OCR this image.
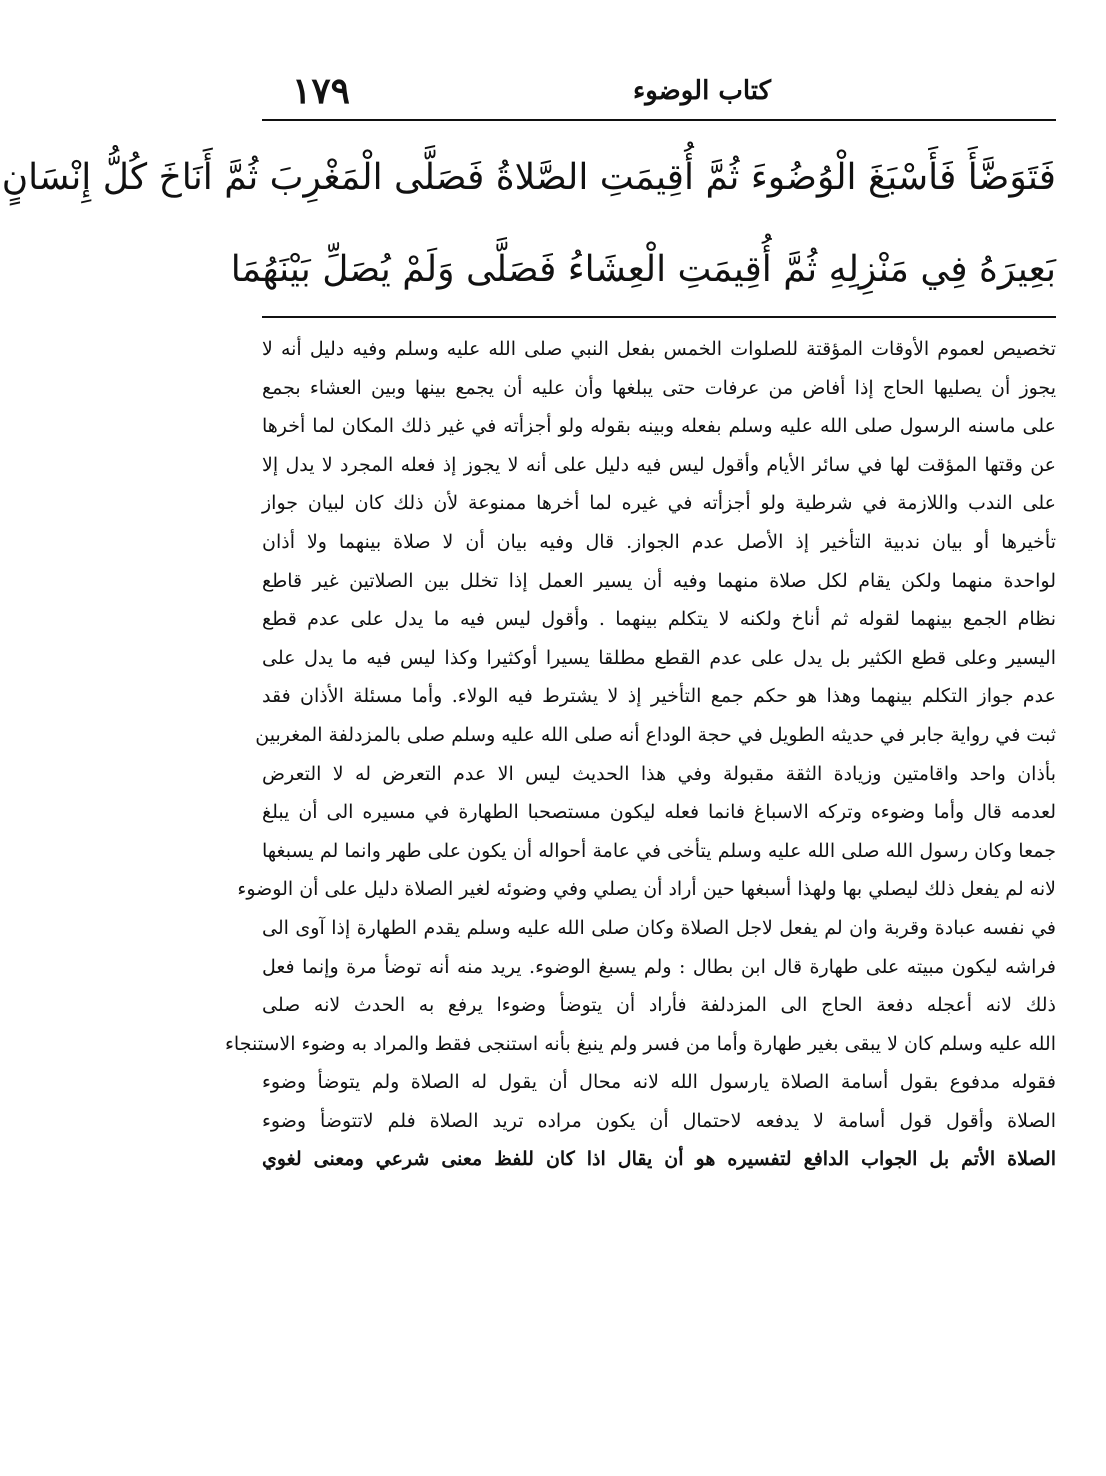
١٧٩	كتاب الوضوء
فَتَوَضَّأَ فَأَسْبَغَ الْوُضُوءَ ثُمَّ أُقِيمَتِ الصَّلاةُ فَصَلَّى الْمَغْرِبَ ثُمَّ أَنَاخَ كُلُّ إِنْسَانٍ
بَعِيرَهُ فِي مَنْزِلِهِ ثُمَّ أُقِيمَتِ الْعِشَاءُ فَصَلَّى وَلَمْ يُصَلِّ بَيْنَهُمَا
تخصيص لعموم الأوقات المؤقتة للصلوات الخمس بفعل النبي صلى الله عليه وسلم وفيه دليل أنه لا
يجوز أن يصليها الحاج إذا أفاض من عرفات حتى يبلغها وأن عليه أن يجمع بينها وبين العشاء بجمع
على ماسنه الرسول صلى الله عليه وسلم بفعله وبينه بقوله ولو أجزأته في غير ذلك المكان لما أخرها
عن وقتها المؤقت لها في سائر الأيام وأقول ليس فيه دليل على أنه لا يجوز إذ فعله المجرد لا يدل إلا
على الندب واللازمة في شرطية ولو أجزأته في غيره لما أخرها ممنوعة لأن ذلك كان لبيان جواز
تأخيرها أو بيان ندبية التأخير إذ الأصل عدم الجواز. قال وفيه بيان أن لا صلاة بينهما ولا أذان
لواحدة منهما ولكن يقام لكل صلاة منهما وفيه أن يسير العمل إذا تخلل بين الصلاتين غير قاطع
نظام الجمع بينهما لقوله ثم أناخ ولكنه لا يتكلم بينهما . وأقول ليس فيه ما يدل على عدم قطع
اليسير وعلى قطع الكثير بل يدل على عدم القطع مطلقا يسيرا أوكثيرا وكذا ليس فيه ما يدل على
عدم جواز التكلم بينهما وهذا هو حكم جمع التأخير إذ لا يشترط فيه الولاء. وأما مسئلة الأذان فقد
ثبت في رواية جابر في حديثه الطويل في حجة الوداع أنه صلى الله عليه وسلم صلى بالمزدلفة المغربين
بأذان واحد واقامتين وزيادة الثقة مقبولة وفي هذا الحديث ليس الا عدم التعرض له لا التعرض
لعدمه قال وأما وضوءه وتركه الاسباغ فانما فعله ليكون مستصحبا الطهارة في مسيره الى أن يبلغ
جمعا وكان رسول الله صلى الله عليه وسلم يتأخى في عامة أحواله أن يكون على طهر وانما لم يسبغها
لانه لم يفعل ذلك ليصلي بها ولهذا أسبغها حين أراد أن يصلي وفي وضوئه لغير الصلاة دليل على أن الوضوء
في نفسه عبادة وقربة وان لم يفعل لاجل الصلاة وكان صلى الله عليه وسلم يقدم الطهارة إذا آوى الى
فراشه ليكون مبيته على طهارة قال ابن بطال : ولم يسبغ الوضوء. يريد منه أنه توضأ مرة وإنما فعل
ذلك لانه أعجله دفعة الحاج الى المزدلفة فأراد أن يتوضأ وضوءا يرفع به الحدث لانه صلى
الله عليه وسلم كان لا يبقى بغير طهارة وأما من فسر ولم ينبغ بأنه استنجى فقط والمراد به وضوء الاستنجاء
فقوله مدفوع بقول أسامة الصلاة يارسول الله لانه محال أن يقول له الصلاة ولم يتوضأ وضوء
الصلاة وأقول قول أسامة لا يدفعه لاحتمال أن يكون مراده تريد الصلاة فلم لاتتوضأ وضوء
الصلاة الأتم بل الجواب الدافع لتفسيره هو أن يقال اذا كان للفظ معنى شرعي ومعنى لغوي
